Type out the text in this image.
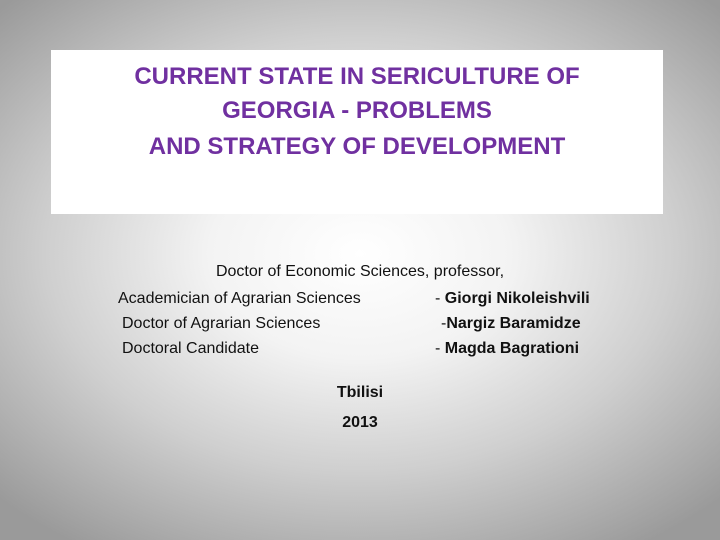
CURRENT STATE IN SERICULTURE OF
GEORGIA - PROBLEMS
AND STRATEGY OF DEVELOPMENT
Doctor of Economic Sciences, professor,
Academician of Agrarian Sciences	- Giorgi Nikoleishvili
Doctor of Agrarian Sciences	-Nargiz Baramidze
Doctoral Candidate	- Magda Bagrationi
Tbilisi
2013
